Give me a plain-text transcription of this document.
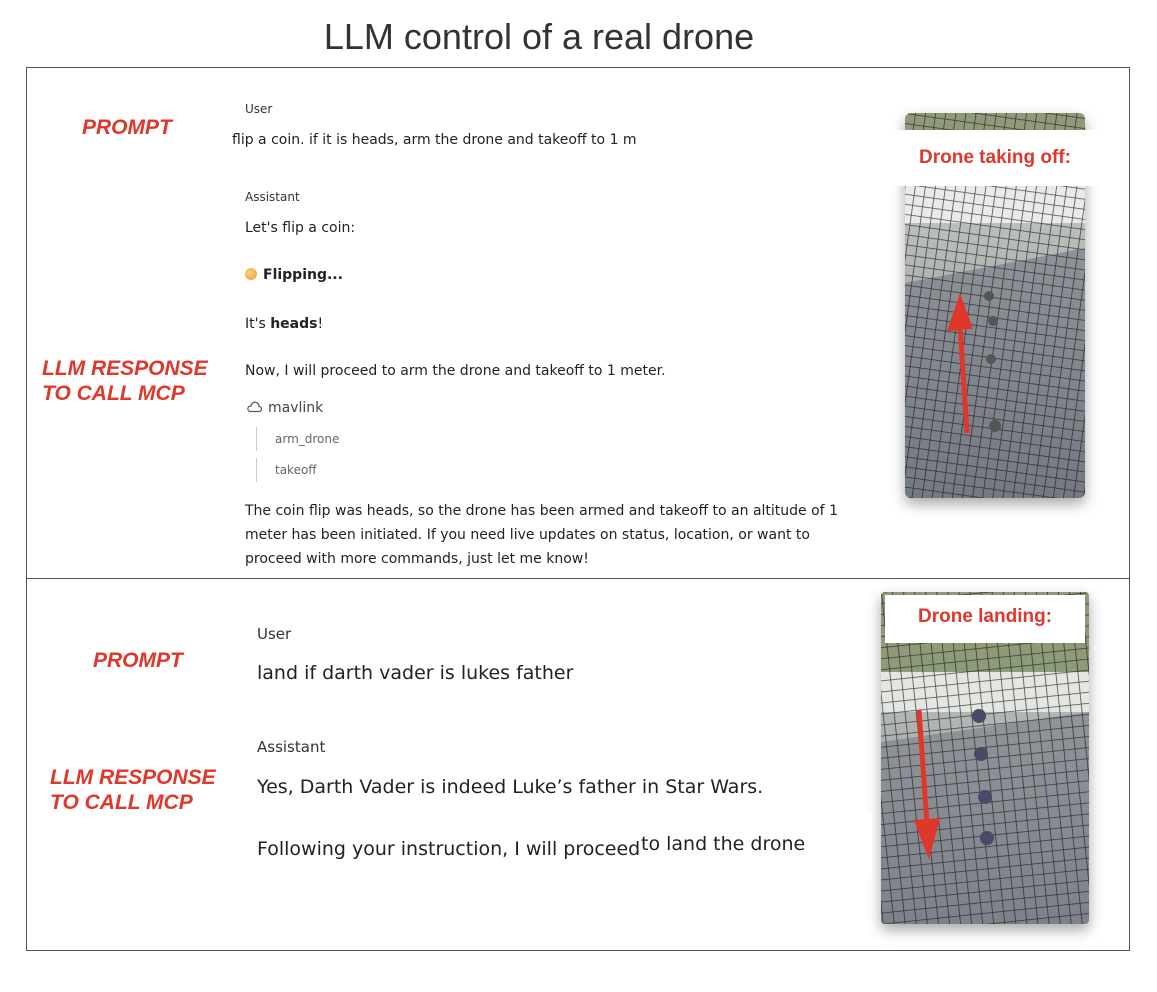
LLM control of a real drone
PROMPT
LLM RESPONSE
TO CALL MCP
User
flip a coin. if it is heads, arm the drone and takeoff to 1 m
Assistant
Let's flip a coin:
Flipping...
It's heads!
Now, I will proceed to arm the drone and takeoff to 1 meter.
mavlink
arm_drone
takeoff
The coin flip was heads, so the drone has been armed and takeoff to an altitude of 1
meter has been initiated. If you need live updates on status, location, or want to
proceed with more commands, just let me know!
Drone taking off:
PROMPT
LLM RESPONSE
TO CALL MCP
User
land if darth vader is lukes father
Assistant
Yes, Darth Vader is indeed Luke’s father in Star Wars.
Following your instruction, I will proceed to land the drone
Drone landing:
